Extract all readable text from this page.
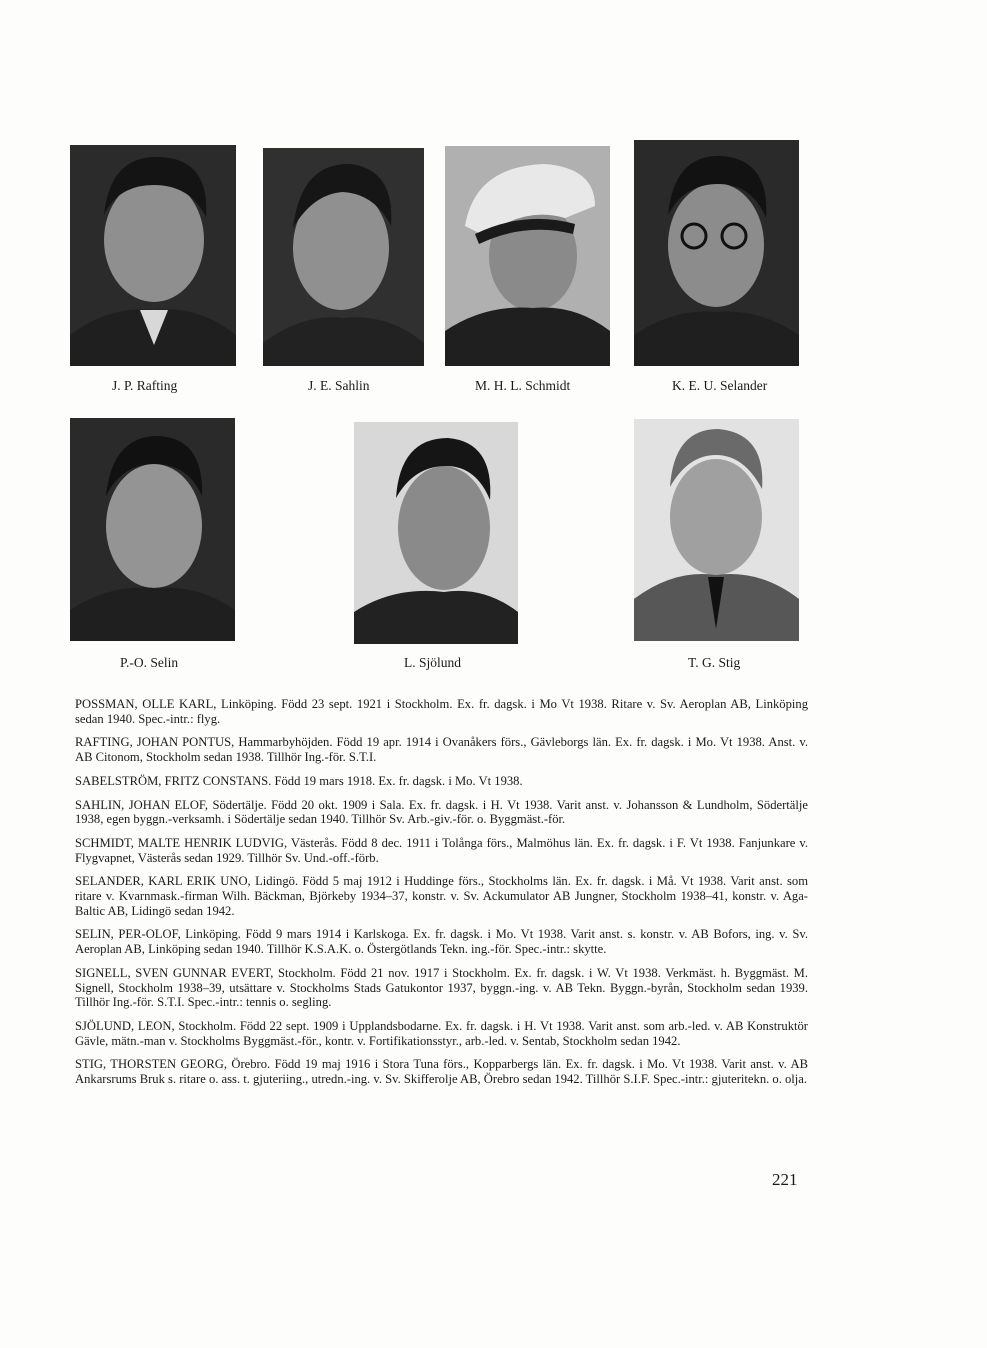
J. P. Rafting	J. E. Sahlin	M. H. L. Schmidt	K. E. U. Selander
P.-O. Selin	L. Sjölund	T. G. Stig

POSSMAN, OLLE KARL, Linköping. Född 23 sept. 1921 i Stockholm. Ex. fr. dagsk. i Mo Vt 1938. Ritare v. Sv. Aeroplan AB, Linköping sedan 1940. Spec.-intr.: flyg.

RAFTING, JOHAN PONTUS, Hammarbyhöjden. Född 19 apr. 1914 i Ovanåkers förs., Gävleborgs län. Ex. fr. dagsk. i Mo. Vt 1938. Anst. v. AB Citonom, Stockholm sedan 1938. Tillhör Ing.-för. S.T.I.

SABELSTRÖM, FRITZ CONSTANS. Född 19 mars 1918. Ex. fr. dagsk. i Mo. Vt 1938.

SAHLIN, JOHAN ELOF, Södertälje. Född 20 okt. 1909 i Sala. Ex. fr. dagsk. i H. Vt 1938. Varit anst. v. Johansson & Lundholm, Södertälje 1938, egen byggn.-verksamh. i Södertälje sedan 1940. Tillhör Sv. Arb.-giv.-för. o. Byggmäst.-för.

SCHMIDT, MALTE HENRIK LUDVIG, Västerås. Född 8 dec. 1911 i Tolånga förs., Malmöhus län. Ex. fr. dagsk. i F. Vt 1938. Fanjunkare v. Flygvapnet, Västerås sedan 1929. Tillhör Sv. Und.-off.-förb.

SELANDER, KARL ERIK UNO, Lidingö. Född 5 maj 1912 i Huddinge förs., Stockholms län. Ex. fr. dagsk. i Må. Vt 1938. Varit anst. som ritare v. Kvarnmask.-firman Wilh. Bäckman, Björkeby 1934–37, konstr. v. Sv. Ackumulator AB Jungner, Stockholm 1938–41, konstr. v. Aga-Baltic AB, Lidingö sedan 1942.

SELIN, PER-OLOF, Linköping. Född 9 mars 1914 i Karlskoga. Ex. fr. dagsk. i Mo. Vt 1938. Varit anst. s. konstr. v. AB Bofors, ing. v. Sv. Aeroplan AB, Linköping sedan 1940. Tillhör K.S.A.K. o. Östergötlands Tekn. ing.-för. Spec.-intr.: skytte.

SIGNELL, SVEN GUNNAR EVERT, Stockholm. Född 21 nov. 1917 i Stockholm. Ex. fr. dagsk. i W. Vt 1938. Verkmäst. h. Byggmäst. M. Signell, Stockholm 1938–39, utsättare v. Stockholms Stads Gatukontor 1937, byggn.-ing. v. AB Tekn. Byggn.-byrån, Stockholm sedan 1939. Tillhör Ing.-för. S.T.I. Spec.-intr.: tennis o. segling.

SJÖLUND, LEON, Stockholm. Född 22 sept. 1909 i Upplandsbodarne. Ex. fr. dagsk. i H. Vt 1938. Varit anst. som arb.-led. v. AB Konstruktör Gävle, mätn.-man v. Stockholms Byggmäst.-för., kontr. v. Fortifikationsstyr., arb.-led. v. Sentab, Stockholm sedan 1942.

STIG, THORSTEN GEORG, Örebro. Född 19 maj 1916 i Stora Tuna förs., Kopparbergs län. Ex. fr. dagsk. i Mo. Vt 1938. Varit anst. v. AB Ankarsrums Bruk s. ritare o. ass. t. gjuteriing., utredn.-ing. v. Sv. Skifferolje AB, Örebro sedan 1942. Tillhör S.I.F. Spec.-intr.: gjuteritekn. o. olja.

221
